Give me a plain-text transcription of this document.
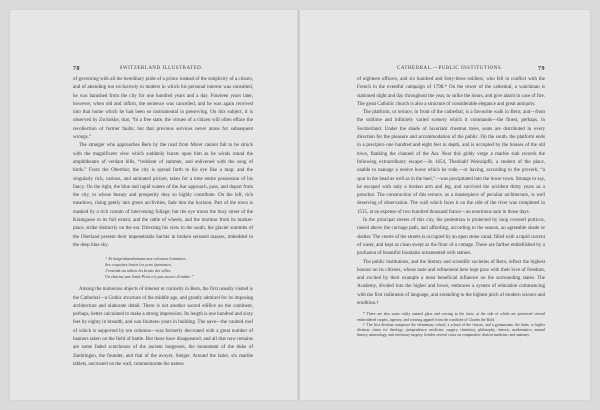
78	SWITZERLAND ILLUSTRATED.

of governing with all the hereditary pride of a prince instead of the simplicity of a citizen, and of attending too exclusively to matters in which his personal interest was consulted, he was banished from the city for one hundred years and a day. Fourteen years later, however, when old and infirm, the sentence was cancelled, and he was again received into that home which he had been so instrumental in preserving. On this subject, it is observed by Zschokke, that, “In a free state, the virtues of a citizen will often efface the recollection of former faults; but that previous services never atone for subsequent wrongs.”

The stranger who approaches Bern by the road from Moret cannot fail to be struck with the magnificent view which suddenly bursts upon him as he winds round the amphitheatre of verdant hills, “redolent of summer, and enlivened with the song of birds.” From the Oberthor, the city is spread forth to his eye like a map; and the singularly rich, various, and animated picture, takes for a time entire possession of his fancy. On the right, the blue and rapid waters of the Aar approach, pass, and depart from the city, to whose beauty and prosperity they so highly contribute. On the left, rich meadows, rising gently into green acclivities, fade into the horizon. Part of the town is masked by a rich curtain of intervening foliage; but the eye traces the busy street of the Kramgasse to its full extent, and the rattle of wheels, and the murmur from its market-place, strike distinctly on the ear. Directing his view to the south, the glacier summits of the Oberland present their impenetrable barrier in broken serrated masses, imbedded in the deep blue sky.

“ Et longs'abandonnant aux colonnes lointaines
Ses coquettes bruits les yeux épanouies,
J'entends au milieu les bruits des villes
Un charme par Saint-Prest n'a pas encore d'ombre.”

Among the numerous objects of interest or curiosity in Bern, the first usually visited is the Cathedral—a Gothic structure of the middle age, and greatly admired for its imposing architecture and elaborate detail. There is not another sacred edifice on the continent, perhaps, better calculated to make a strong impression. Its length is one hundred and sixty feet by eighty in breadth, and was fourteen years in building. The nave—the vaulted roof of which is supported by ten columns—was formerly decorated with a great number of banners taken on the field of battle. But these have disappeared; and all that now remains are some faded scutcheons of the ancient burgesses, the monument of the duke of Zaehringen, the founder, and that of the avoyer, Steiger. Around the latter, six marble tablets, encrusted on the wall, commemorate the names

CATHEDRAL.—PUBLIC INSTITUTIONS.	79

of eighteen officers, and six hundred and forty-three soldiers, who fell in conflict with the French in the eventful campaign of 1798.* On the tower of the cathedral, a watchman is stationed night and day throughout the year, to strike the hours, and give alarm in case of fire. The great Catholic church is also a structure of considerable elegance and great antiquity.

The platform, or terrace, in front of the cathedral, is a favourite walk in Bern; and—from the sublime and infinitely varied scenery which it commands—the finest, perhaps, in Switzerland. Under the shade of luxuriant chestnut trees, seats are distributed in every direction for the pleasure and accommodation of the public. On the south, the platform ends in a precipice one hundred and eight feet in depth, and is occupied by the houses of the old town, flanking the channel of the Aar. Near this giddy verge a marble slab records the following extraordinary escape:—In 1654, Theobald Weinzäpfli, a student of the place, unable to manage a restive horse which he rode,—or having, according to the proverb, “a spur in the head as well as in the heel,”—was precipitated into the lower town. Strange to say, he escaped with only a broken arm and leg, and survived the accident thirty years as a preacher. The construction of this terrace, as a masterpiece of peculiar architecture, is well deserving of observation. The wall which faces it on the side of the river was completed in 1515, at an expense of two hundred thousand francs—an enormous sum in those days.

In the principal streets of this city, the pedestrian is protected by long covered porticos, raised above the carriage path, and affording, according to the season, an agreeable shade or shelter. The centre of the streets is occupied by an open stone canal, filled with a rapid current of water, and kept as clean swept as the floor of a cottage. These are farther embellished by a profusion of beautiful fountains ornamented with statues.

The public institutions, and the literary and scientific societies of Bern, reflect the highest honour on its citizens, whose taste and refinement here kept pace with their love of freedom, and excited by their example a most beneficial influence on the surrounding states. The Academy, divided into the higher and lower, embraces a system of education commencing with the first rudiments of language, and extending to the highest pitch of modern science and erudition.†

* There are also some richly stained glass and carving in the choir, at the side of which are preserved several embroidered carpets, tapestry, and wearing apparel from the wardrobe of Charles the Bold.
† The first division comprises the elementary school, a school of the classes, and a gymnasium: the latter, or higher division, chairs for theology, jurisprudence, medicine, surgery, chemistry, philosophy, rhetoric, mathematics, natural history, mineralogy, and veterinary surgery; besides several cours on comparative clinical medicine, and anatomy.
